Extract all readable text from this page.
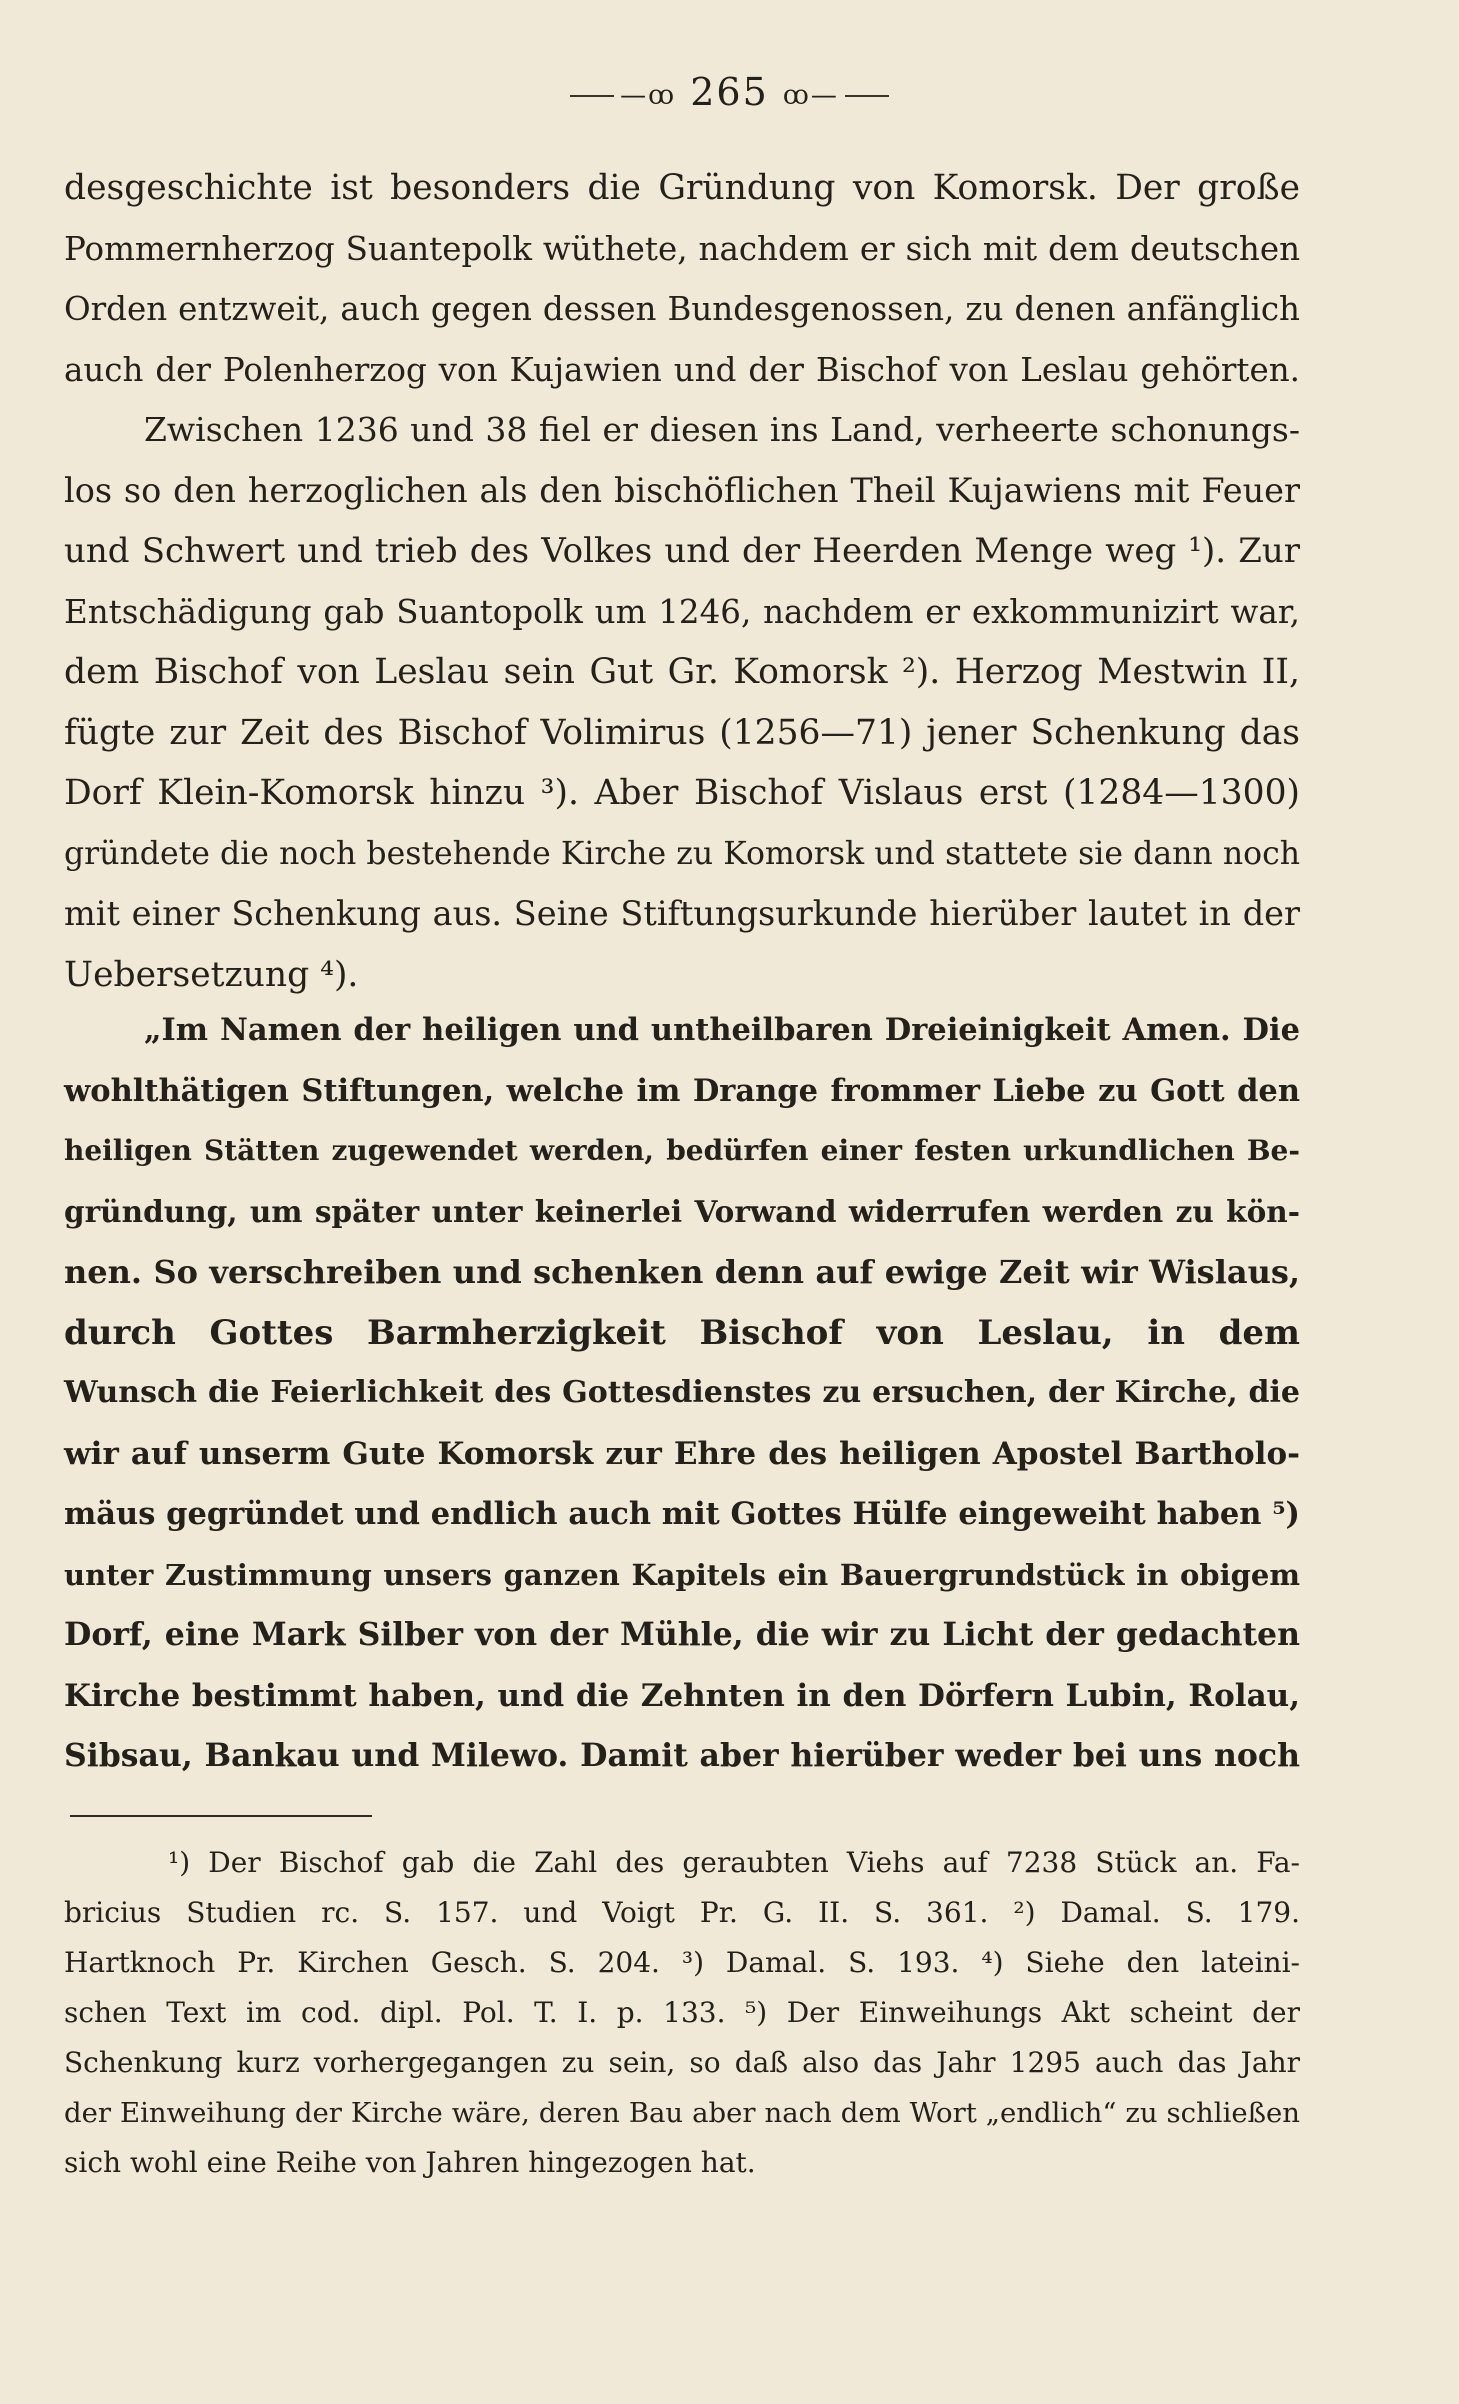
—ꝏ 265 ꝏ—
desgeschichte ist besonders die Gründung von Komorsk. Der große
Pommernherzog Suantepolk wüthete, nachdem er sich mit dem deutschen
Orden entzweit, auch gegen dessen Bundesgenossen, zu denen anfänglich
auch der Polenherzog von Kujawien und der Bischof von Leslau gehörten.
Zwischen 1236 und 38 fiel er diesen ins Land, verheerte schonungs-
los so den herzoglichen als den bischöflichen Theil Kujawiens mit Feuer
und Schwert und trieb des Volkes und der Heerden Menge weg ¹). Zur
Entschädigung gab Suantopolk um 1246, nachdem er exkommunizirt war,
dem Bischof von Leslau sein Gut Gr. Komorsk ²). Herzog Mestwin II,
fügte zur Zeit des Bischof Volimirus (1256—71) jener Schenkung das
Dorf Klein-Komorsk hinzu ³). Aber Bischof Vislaus erst (1284—1300)
gründete die noch bestehende Kirche zu Komorsk und stattete sie dann noch
mit einer Schenkung aus. Seine Stiftungsurkunde hierüber lautet in der
Uebersetzung ⁴).
„Im Namen der heiligen und untheilbaren Dreieinigkeit Amen. Die
wohlthätigen Stiftungen, welche im Drange frommer Liebe zu Gott den
heiligen Stätten zugewendet werden, bedürfen einer festen urkundlichen Be-
gründung, um später unter keinerlei Vorwand widerrufen werden zu kön-
nen. So verschreiben und schenken denn auf ewige Zeit wir Wislaus,
durch Gottes Barmherzigkeit Bischof von Leslau, in dem
Wunsch die Feierlichkeit des Gottesdienstes zu ersuchen, der Kirche, die
wir auf unserm Gute Komorsk zur Ehre des heiligen Apostel Bartholo-
mäus gegründet und endlich auch mit Gottes Hülfe eingeweiht haben ⁵)
unter Zustimmung unsers ganzen Kapitels ein Bauergrundstück in obigem
Dorf, eine Mark Silber von der Mühle, die wir zu Licht der gedachten
Kirche bestimmt haben, und die Zehnten in den Dörfern Lubin, Rolau,
Sibsau, Bankau und Milewo. Damit aber hierüber weder bei uns noch
¹) Der Bischof gab die Zahl des geraubten Viehs auf 7238 Stück an. Fa-
bricius Studien rc. S. 157. und Voigt Pr. G. II. S. 361. ²) Damal. S. 179.
Hartknoch Pr. Kirchen Gesch. S. 204. ³) Damal. S. 193. ⁴) Siehe den lateini-
schen Text im cod. dipl. Pol. T. I. p. 133. ⁵) Der Einweihungs Akt scheint der
Schenkung kurz vorhergegangen zu sein, so daß also das Jahr 1295 auch das Jahr
der Einweihung der Kirche wäre, deren Bau aber nach dem Wort „endlich“ zu schließen
sich wohl eine Reihe von Jahren hingezogen hat.
